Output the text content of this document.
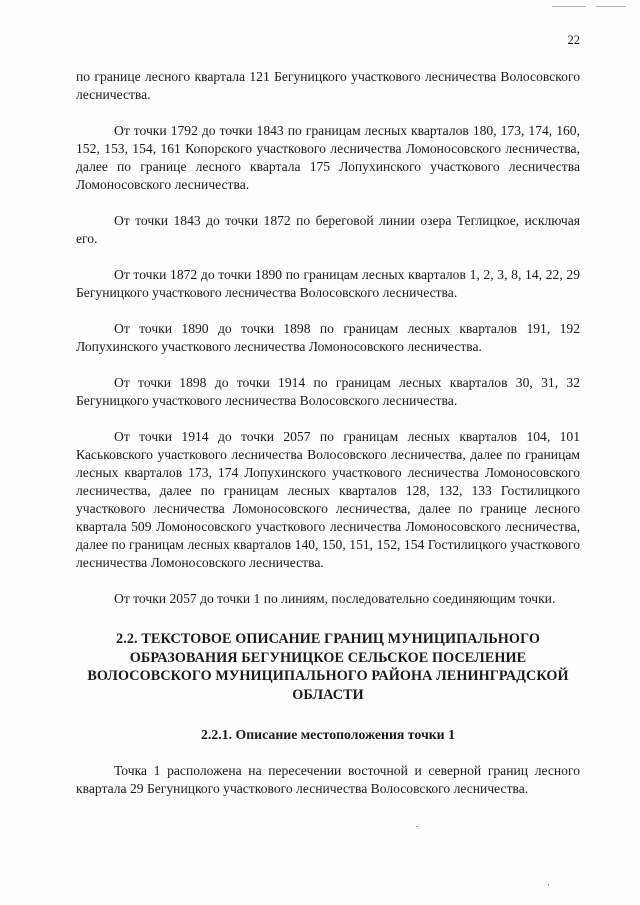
22

по границе лесного квартала 121 Бегуницкого участкового лесничества Волосовского лесничества.

От точки 1792 до точки 1843 по границам лесных кварталов 180, 173, 174, 160, 152, 153, 154, 161 Копорского участкового лесничества Ломоносовского лесничества, далее по границе лесного квартала 175 Лопухинского участкового лесничества Ломоносовского лесничества.

От точки 1843 до точки 1872 по береговой линии озера Теглицкое, исключая его.

От точки 1872 до точки 1890 по границам лесных кварталов 1, 2, 3, 8, 14, 22, 29 Бегуницкого участкового лесничества Волосовского лесничества.

От точки 1890 до точки 1898 по границам лесных кварталов 191, 192 Лопухинского участкового лесничества Ломоносовского лесничества.

От точки 1898 до точки 1914 по границам лесных кварталов 30, 31, 32 Бегуницкого участкового лесничества Волосовского лесничества.

От точки 1914 до точки 2057 по границам лесных кварталов 104, 101 Каськовского участкового лесничества Волосовского лесничества, далее по границам лесных кварталов 173, 174 Лопухинского участкового лесничества Ломоносовского лесничества, далее по границам лесных кварталов 128, 132, 133 Гостилицкого участкового лесничества Ломоносовского лесничества, далее по границе лесного квартала 509 Ломоносовского участкового лесничества Ломоносовского лесничества, далее по границам лесных кварталов 140, 150, 151, 152, 154 Гостилицкого участкового лесничества Ломоносовского лесничества.

От точки 2057 до точки 1 по линиям, последовательно соединяющим точки.

2.2. ТЕКСТОВОЕ ОПИСАНИЕ ГРАНИЦ МУНИЦИПАЛЬНОГО ОБРАЗОВАНИЯ БЕГУНИЦКОЕ СЕЛЬСКОЕ ПОСЕЛЕНИЕ ВОЛОСОВСКОГО МУНИЦИПАЛЬНОГО РАЙОНА ЛЕНИНГРАДСКОЙ ОБЛАСТИ
2.2.1. Описание местоположения точки 1

Точка 1 расположена на пересечении восточной и северной границ лесного квартала 29 Бегуницкого участкового лесничества Волосовского лесничества.
